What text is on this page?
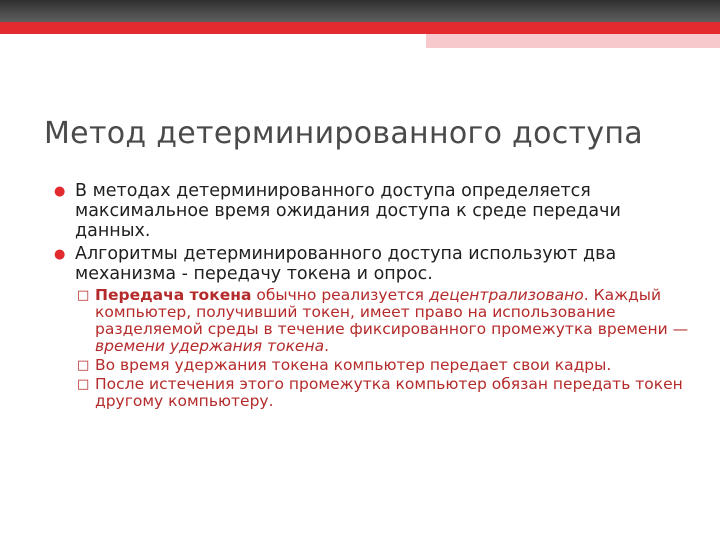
Метод детерминированного доступа
● В методах детерминированного доступа определяется максимальное время ожидания доступа к среде передачи данных.
● Алгоритмы детерминированного доступа используют два механизма - передачу токена и опрос.
□ Передача токена обычно реализуется децентрализовано. Каждый компьютер, получивший токен, имеет право на использование разделяемой среды в течение фиксированного промежутка времени — времени удержания токена.
□ Во время удержания токена компьютер передает свои кадры.
□ После истечения этого промежутка компьютер обязан передать токен другому компьютеру.
